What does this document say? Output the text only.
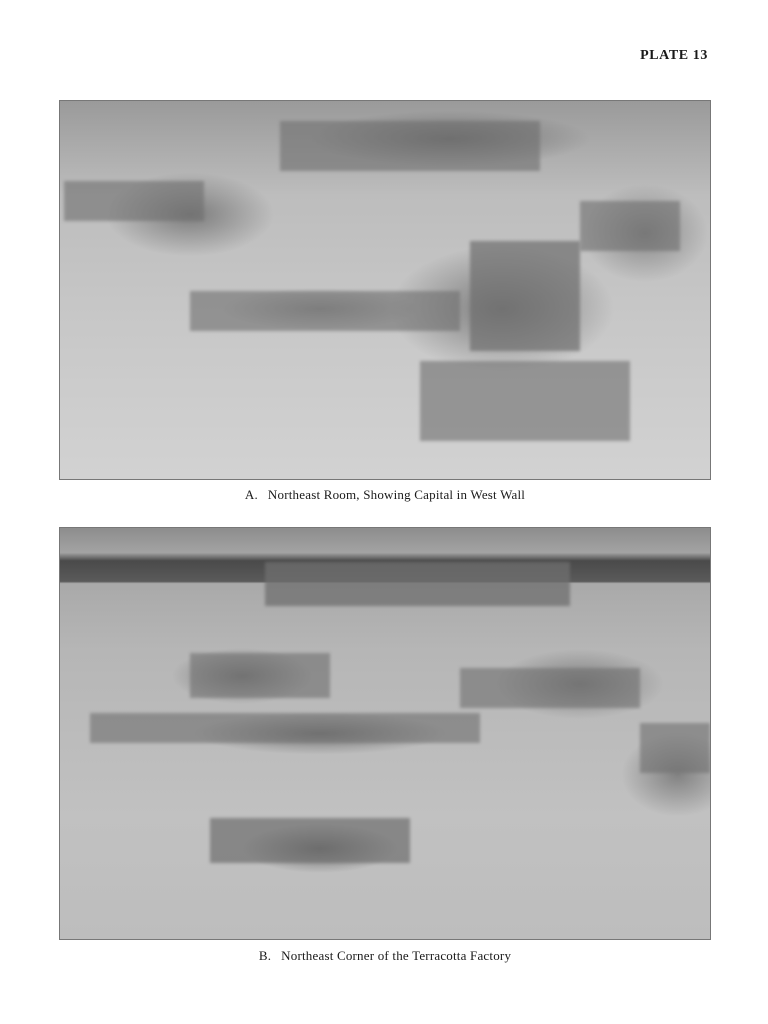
PLATE 13
A. Northeast Room, Showing Capital in West Wall
B. Northeast Corner of the Terracotta Factory
